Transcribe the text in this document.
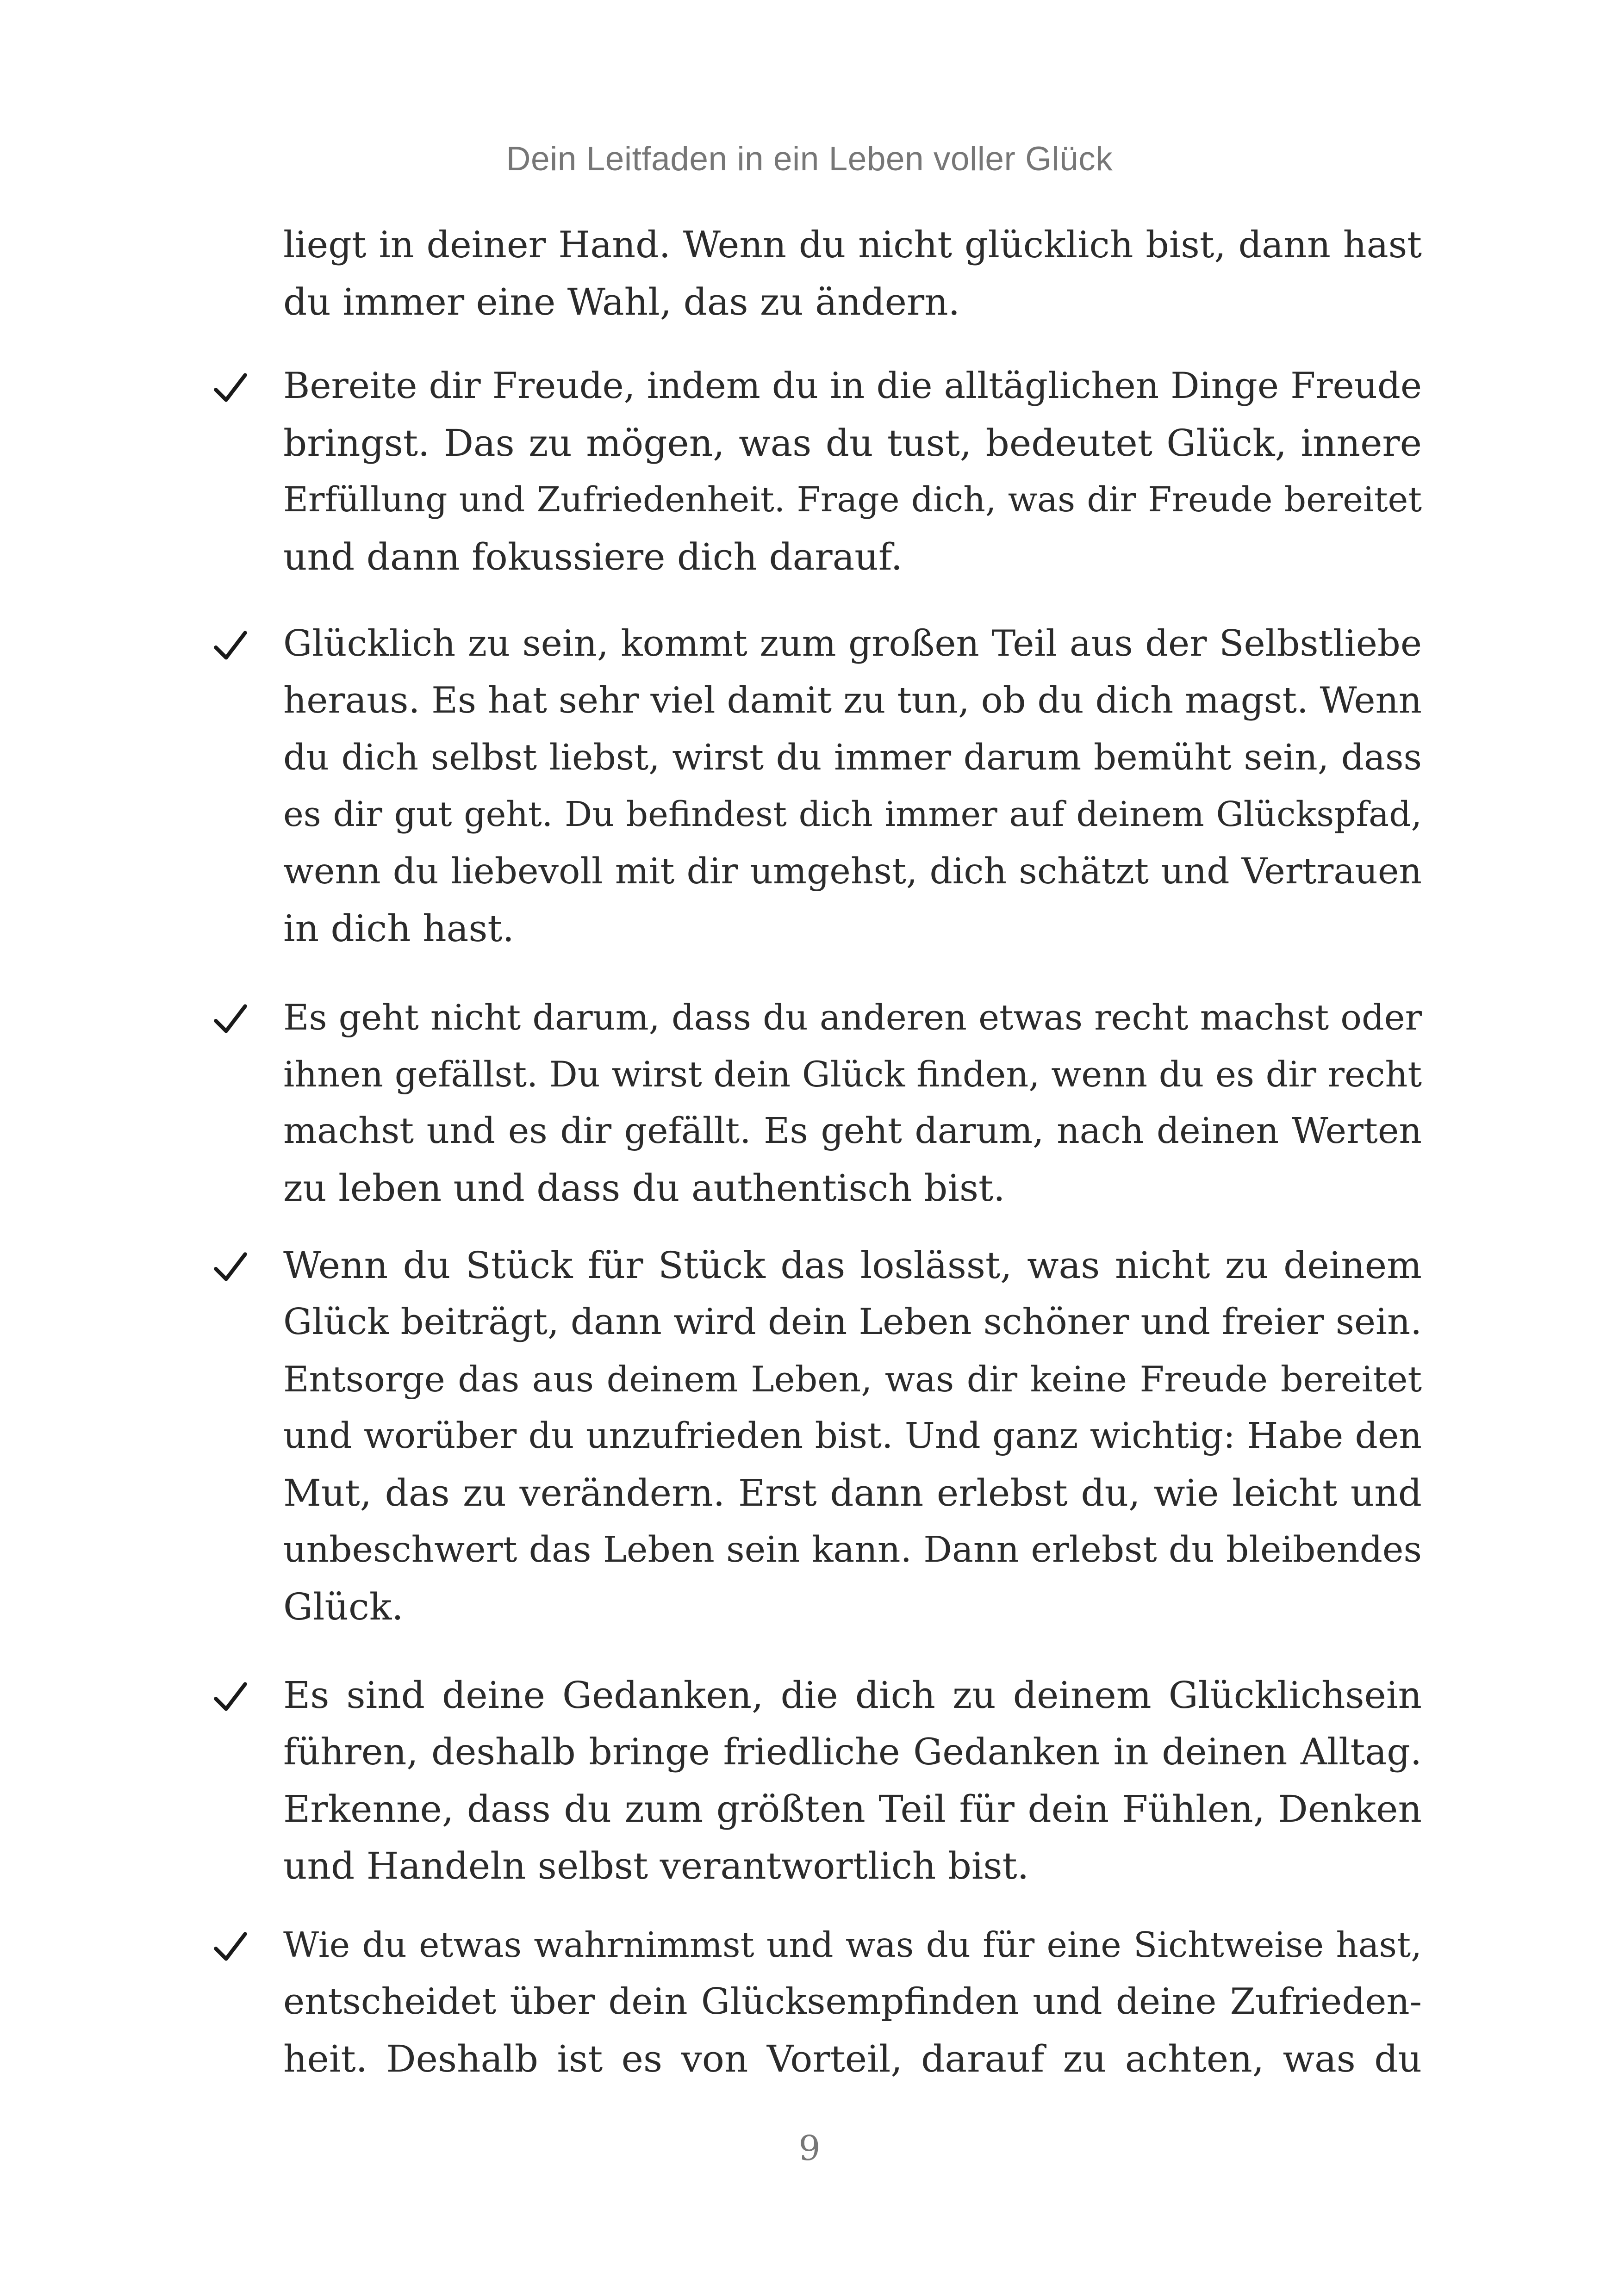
Dein Leitfaden in ein Leben voller Glück
liegt in deiner Hand. Wenn du nicht glücklich bist, dann hast
du immer eine Wahl, das zu ändern.
Bereite dir Freude, indem du in die alltäglichen Dinge Freude
bringst. Das zu mögen, was du tust, bedeutet Glück, innere
Erfüllung und Zufriedenheit. Frage dich, was dir Freude bereitet
und dann fokussiere dich darauf.
Glücklich zu sein, kommt zum großen Teil aus der Selbstliebe
heraus. Es hat sehr viel damit zu tun, ob du dich magst. Wenn
du dich selbst liebst, wirst du immer darum bemüht sein, dass
es dir gut geht. Du befindest dich immer auf deinem Glückspfad,
wenn du liebevoll mit dir umgehst, dich schätzt und Vertrauen
in dich hast.
Es geht nicht darum, dass du anderen etwas recht machst oder
ihnen gefällst. Du wirst dein Glück finden, wenn du es dir recht
machst und es dir gefällt. Es geht darum, nach deinen Werten
zu leben und dass du authentisch bist.
Wenn du Stück für Stück das loslässt, was nicht zu deinem
Glück beiträgt, dann wird dein Leben schöner und freier sein.
Entsorge das aus deinem Leben, was dir keine Freude bereitet
und worüber du unzufrieden bist. Und ganz wichtig: Habe den
Mut, das zu verändern. Erst dann erlebst du, wie leicht und
unbeschwert das Leben sein kann. Dann erlebst du bleibendes
Glück.
Es sind deine Gedanken, die dich zu deinem Glücklichsein
führen, deshalb bringe friedliche Gedanken in deinen Alltag.
Erkenne, dass du zum größten Teil für dein Fühlen, Denken
und Handeln selbst verantwortlich bist.
Wie du etwas wahrnimmst und was du für eine Sichtweise hast,
entscheidet über dein Glücksempfinden und deine Zufrieden-
heit. Deshalb ist es von Vorteil, darauf zu achten, was du
9
